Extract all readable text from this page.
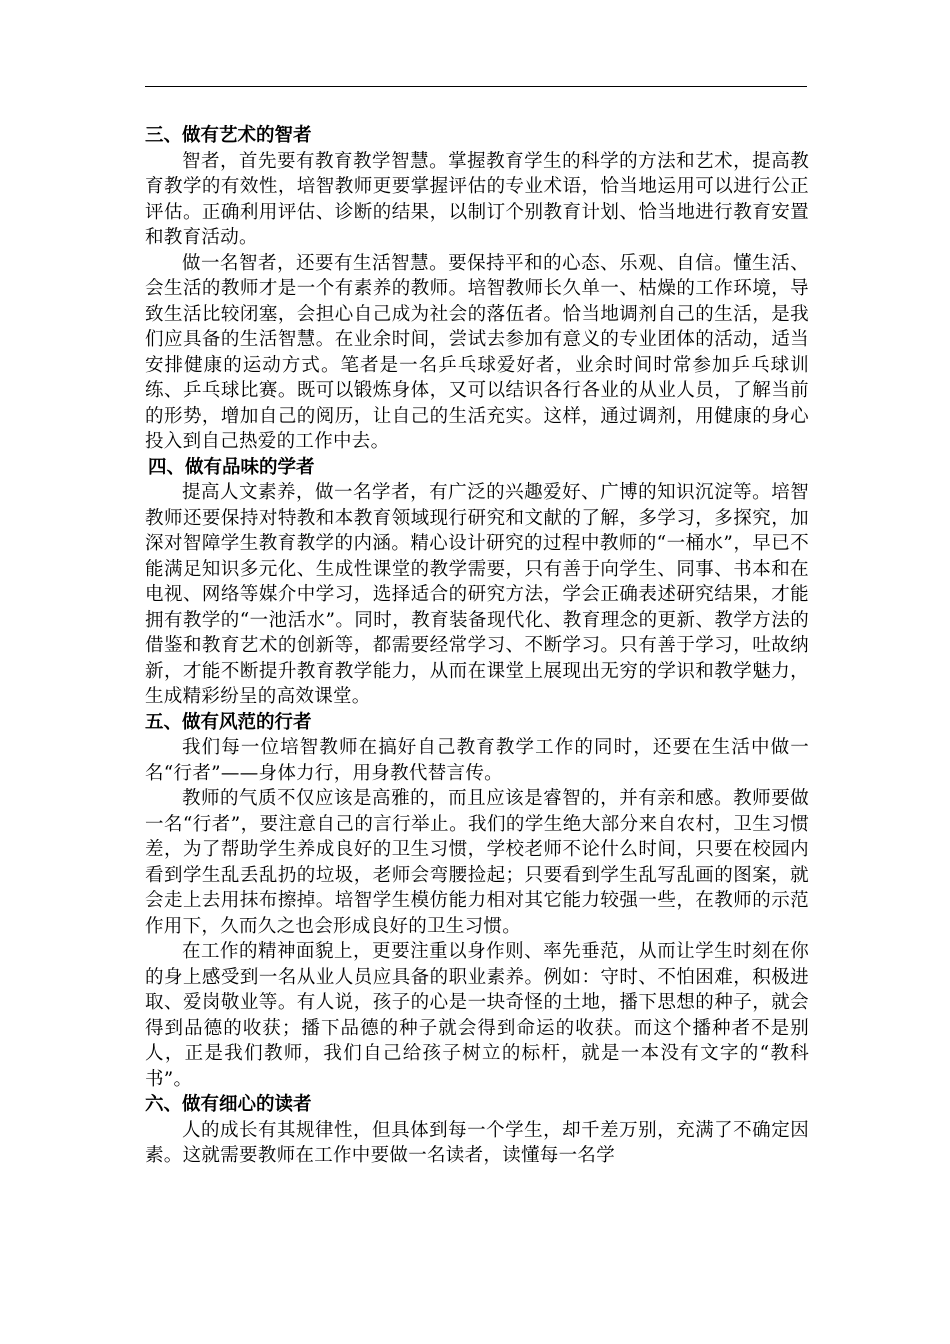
三、做有艺术的智者

智者，首先要有教育教学智慧。掌握教育学生的科学的方法和艺术，提高教育教学的有效性，培智教师更要掌握评估的专业术语，恰当地运用可以进行公正评估。正确利用评估、诊断的结果，以制订个别教育计划、恰当地进行教育安置和教育活动。

做一名智者，还要有生活智慧。要保持平和的心态、乐观、自信。懂生活、会生活的教师才是一个有素养的教师。培智教师长久单一、枯燥的工作环境，导致生活比较闭塞，会担心自己成为社会的落伍者。恰当地调剂自己的生活，是我们应具备的生活智慧。在业余时间，尝试去参加有意义的专业团体的活动，适当安排健康的运动方式。笔者是一名乒乓球爱好者，业余时间时常参加乒乓球训练、乒乓球比赛。既可以锻炼身体，又可以结识各行各业的从业人员，了解当前的形势，增加自己的阅历，让自己的生活充实。这样，通过调剂，用健康的身心投入到自己热爱的工作中去。

四、做有品味的学者

提高人文素养，做一名学者，有广泛的兴趣爱好、广博的知识沉淀等。培智教师还要保持对特教和本教育领域现行研究和文献的了解，多学习，多探究，加深对智障学生教育教学的内涵。精心设计研究的过程中教师的“一桶水”，早已不能满足知识多元化、生成性课堂的教学需要，只有善于向学生、同事、书本和在电视、网络等媒介中学习，选择适合的研究方法，学会正确表述研究结果，才能拥有教学的“一池活水”。同时，教育装备现代化、教育理念的更新、教学方法的借鉴和教育艺术的创新等，都需要经常学习、不断学习。只有善于学习，吐故纳新，才能不断提升教育教学能力，从而在课堂上展现出无穷的学识和教学魅力，生成精彩纷呈的高效课堂。

五、做有风范的行者

我们每一位培智教师在搞好自己教育教学工作的同时，还要在生活中做一名“行者”——身体力行，用身教代替言传。

教师的气质不仅应该是高雅的，而且应该是睿智的，并有亲和感。教师要做一名“行者”，要注意自己的言行举止。我们的学生绝大部分来自农村，卫生习惯差，为了帮助学生养成良好的卫生习惯，学校老师不论什么时间，只要在校园内看到学生乱丢乱扔的垃圾，老师会弯腰捡起；只要看到学生乱写乱画的图案，就会走上去用抹布擦掉。培智学生模仿能力相对其它能力较强一些，在教师的示范作用下，久而久之也会形成良好的卫生习惯。

在工作的精神面貌上，更要注重以身作则、率先垂范，从而让学生时刻在你的身上感受到一名从业人员应具备的职业素养。例如：守时、不怕困难，积极进取、爱岗敬业等。有人说，孩子的心是一块奇怪的土地，播下思想的种子，就会得到品德的收获；播下品德的种子就会得到命运的收获。而这个播种者不是别人，正是我们教师，我们自己给孩子树立的标杆，就是一本没有文字的“教科书”。

六、做有细心的读者

人的成长有其规律性，但具体到每一个学生，却千差万别，充满了不确定因素。这就需要教师在工作中要做一名读者，读懂每一名学
